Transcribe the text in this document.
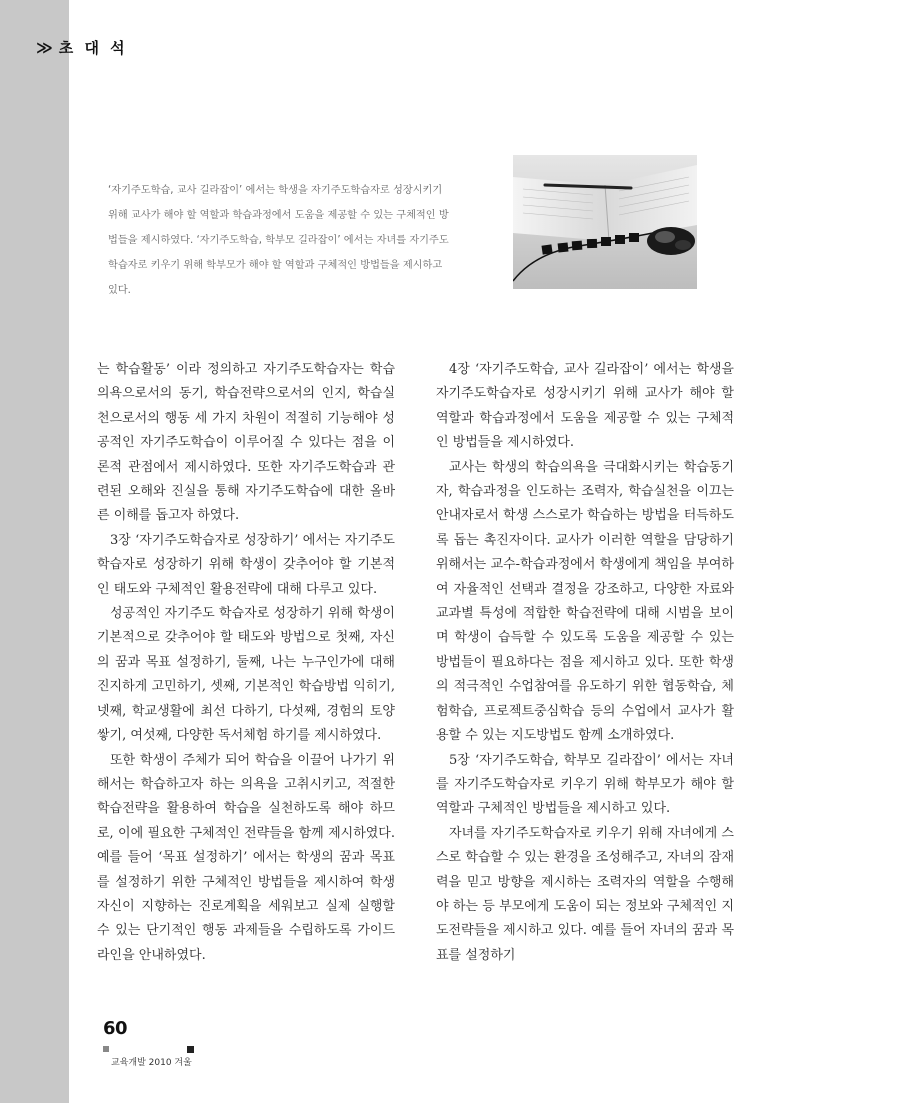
≫ 초 대 석

‘자기주도학습, 교사 길라잡이’ 에서는 학생을 자기주도학습자로 성장시키기 위해 교사가 해야 할 역할과 학습과정에서 도움을 제공할 수 있는 구체적인 방법들을 제시하였다. ‘자기주도학습, 학부모 길라잡이’ 에서는 자녀를 자기주도학습자로 키우기 위해 학부모가 해야 할 역할과 구체적인 방법들을 제시하고 있다.

는 학습활동’ 이라 정의하고 자기주도학습자는 학습의욕으로서의 동기, 학습전략으로서의 인지, 학습실천으로서의 행동 세 가지 차원이 적절히 기능해야 성공적인 자기주도학습이 이루어질 수 있다는 점을 이론적 관점에서 제시하였다. 또한 자기주도학습과 관련된 오해와 진실을 통해 자기주도학습에 대한 올바른 이해를 돕고자 하였다.

3장 ‘자기주도학습자로 성장하기’ 에서는 자기주도 학습자로 성장하기 위해 학생이 갖추어야 할 기본적인 태도와 구체적인 활용전략에 대해 다루고 있다.

성공적인 자기주도 학습자로 성장하기 위해 학생이 기본적으로 갖추어야 할 태도와 방법으로 첫째, 자신의 꿈과 목표 설정하기, 둘째, 나는 누구인가에 대해 진지하게 고민하기, 셋째, 기본적인 학습방법 익히기, 넷째, 학교생활에 최선 다하기, 다섯째, 경험의 토양 쌓기, 여섯째, 다양한 독서체험 하기를 제시하였다.

또한 학생이 주체가 되어 학습을 이끌어 나가기 위해서는 학습하고자 하는 의욕을 고취시키고, 적절한 학습전략을 활용하여 학습을 실천하도록 해야 하므로, 이에 필요한 구체적인 전략들을 함께 제시하였다. 예를 들어 ‘목표 설정하기’ 에서는 학생의 꿈과 목표를 설정하기 위한 구체적인 방법들을 제시하여 학생 자신이 지향하는 진로계획을 세워보고 실제 실행할 수 있는 단기적인 행동 과제들을 수립하도록 가이드라인을 안내하였다.

4장 ‘자기주도학습, 교사 길라잡이’ 에서는 학생을 자기주도학습자로 성장시키기 위해 교사가 해야 할 역할과 학습과정에서 도움을 제공할 수 있는 구체적인 방법들을 제시하였다.

교사는 학생의 학습의욕을 극대화시키는 학습동기자, 학습과정을 인도하는 조력자, 학습실천을 이끄는 안내자로서 학생 스스로가 학습하는 방법을 터득하도록 돕는 촉진자이다. 교사가 이러한 역할을 담당하기 위해서는 교수-학습과정에서 학생에게 책임을 부여하여 자율적인 선택과 결정을 강조하고, 다양한 자료와 교과별 특성에 적합한 학습전략에 대해 시범을 보이며 학생이 습득할 수 있도록 도움을 제공할 수 있는 방법들이 필요하다는 점을 제시하고 있다. 또한 학생의 적극적인 수업참여를 유도하기 위한 협동학습, 체험학습, 프로젝트중심학습 등의 수업에서 교사가 활용할 수 있는 지도방법도 함께 소개하였다.

5장 ‘자기주도학습, 학부모 길라잡이’ 에서는 자녀를 자기주도학습자로 키우기 위해 학부모가 해야 할 역할과 구체적인 방법들을 제시하고 있다.

자녀를 자기주도학습자로 키우기 위해 자녀에게 스스로 학습할 수 있는 환경을 조성해주고, 자녀의 잠재력을 믿고 방향을 제시하는 조력자의 역할을 수행해야 하는 등 부모에게 도움이 되는 정보와 구체적인 지도전략들을 제시하고 있다. 예를 들어 자녀의 꿈과 목표를 설정하기

60
교육개발 2010 겨울
